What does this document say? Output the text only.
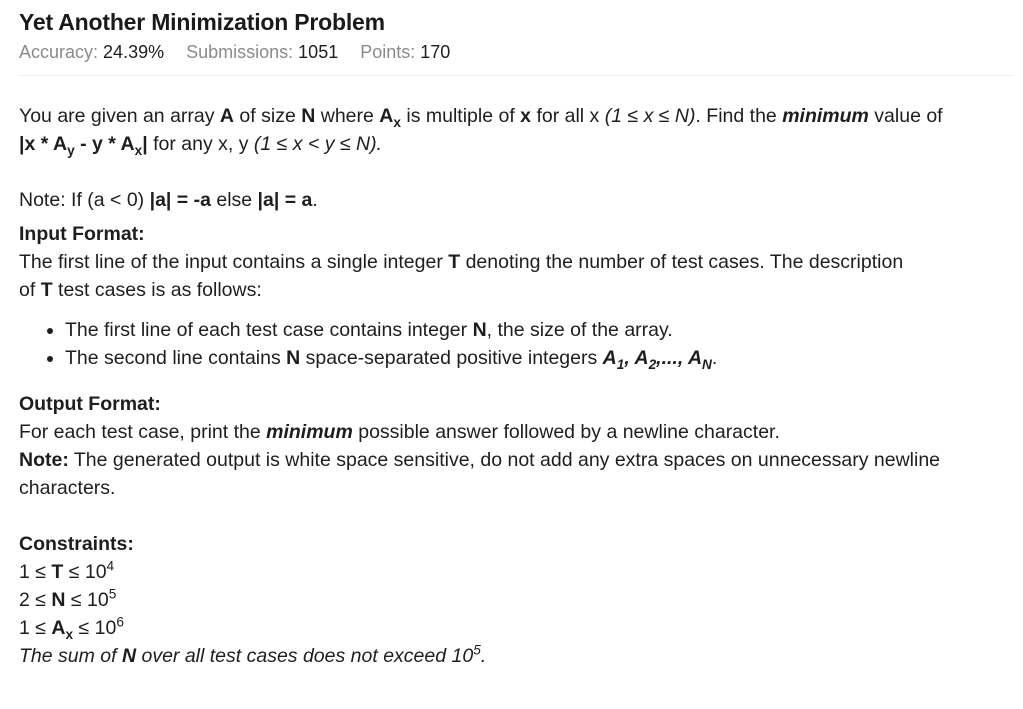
Yet Another Minimization Problem
Accuracy: 24.39% Submissions: 1051 Points: 170

You are given an array A of size N where $A_x$ is multiple of x for all x (1 ≤ x ≤ N). Find the minimum value of
$|x * A_y$ - y * $A_x|$ for any x, y (1 ≤ x < y ≤ N).

Note: If (a < 0) |a| = -a else |a| = a.

Input Format:

The first line of the input contains a single integer T denoting the number of test cases. The description
of T test cases is as follows:

• The first line of each test case contains integer N, the size of the array.
• The second line contains N space-separated positive integers $A_1$, $A_2$,..., $A_N$.

Output Format:

For each test case, print the minimum possible answer followed by a newline character.
Note: The generated output is white space sensitive, do not add any extra spaces on unnecessary newline characters.

Constraints:

$1 \le T \le 10^4$

$2 \le N \le 10^5$

$1 \le A_x \le 10^6$

The sum of N over all test cases does not exceed $10^5$.
